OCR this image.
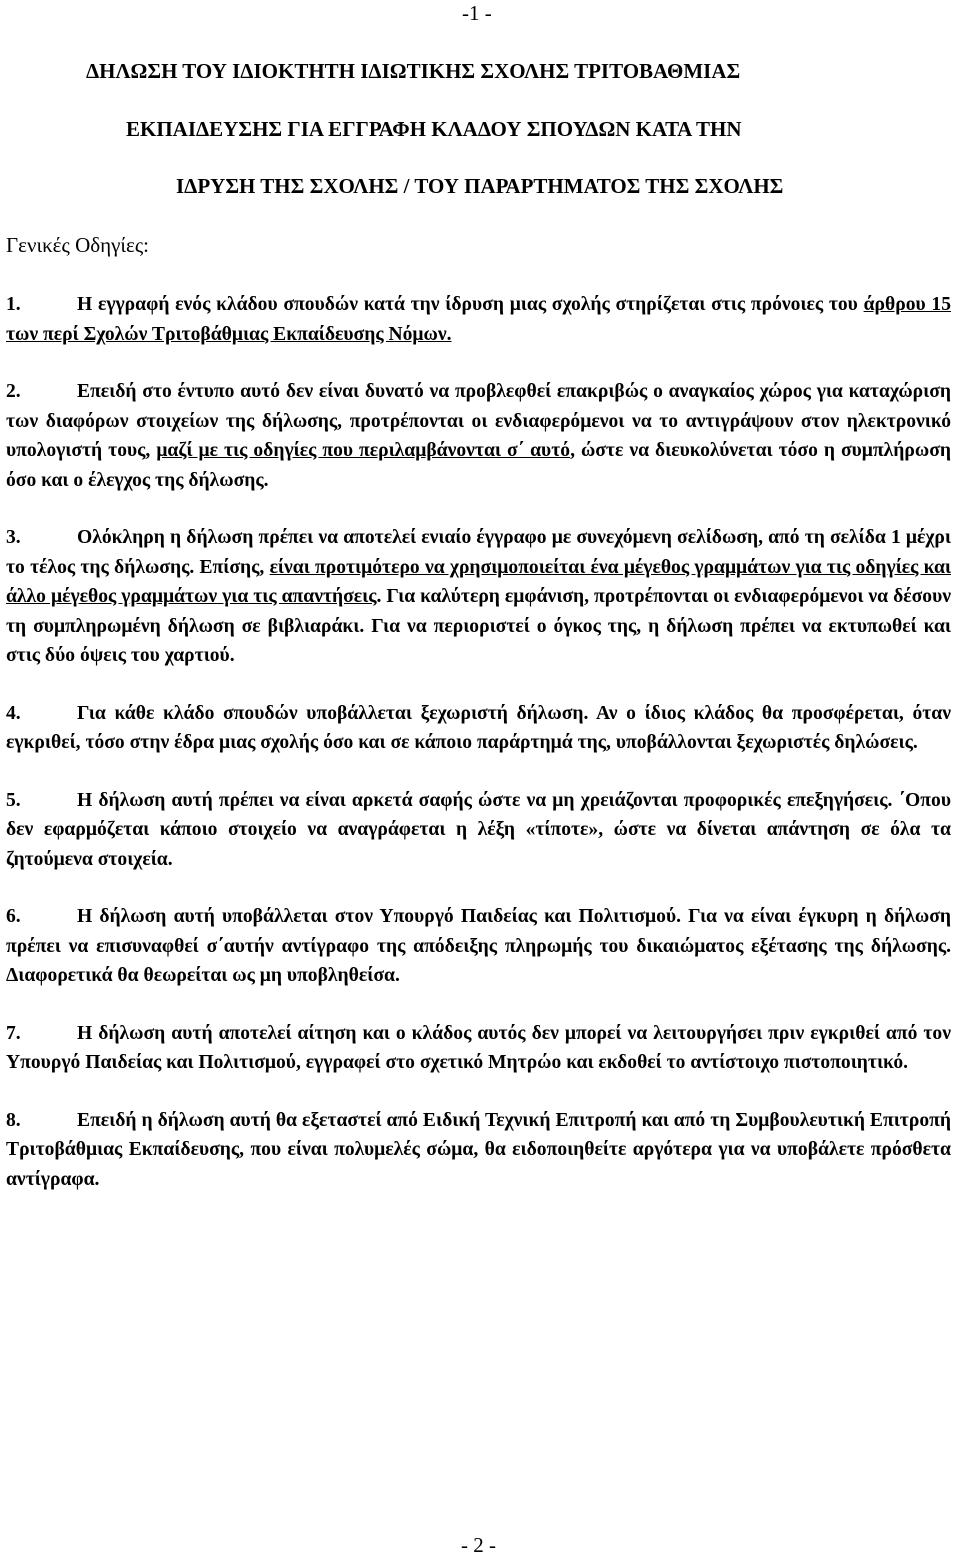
-1 -
ΔΗΛΩΣΗ ΤΟΥ ΙΔΙΟΚΤΗΤΗ ΙΔΙΩΤΙΚΗΣ ΣΧΟΛΗΣ ΤΡΙΤΟΒΑΘΜΙΑΣ
ΕΚΠΑΙΔΕΥΣΗΣ ΓΙΑ ΕΓΓΡΑΦΗ ΚΛΑΔΟΥ ΣΠΟΥΔΩΝ ΚΑΤΑ ΤΗΝ
ΙΔΡΥΣΗ ΤΗΣ ΣΧΟΛΗΣ / ΤΟΥ ΠΑΡΑΡΤΗΜΑΤΟΣ ΤΗΣ ΣΧΟΛΗΣ
Γενικές Οδηγίες:
1.	Η εγγραφή ενός κλάδου σπουδών κατά την ίδρυση μιας σχολής στηρίζεται στις πρόνοιες του άρθρου 15 των περί Σχολών Τριτοβάθμιας Εκπαίδευσης Νόμων.
2.	Επειδή στο έντυπο αυτό δεν είναι δυνατό να προβλεφθεί επακριβώς ο αναγκαίος χώρος για καταχώριση των διαφόρων στοιχείων της δήλωσης, προτρέπονται οι ενδιαφερόμενοι να το αντιγράψουν στον ηλεκτρονικό υπολογιστή τους, μαζί με τις οδηγίες που περιλαμβάνονται σ΄ αυτό, ώστε να διευκολύνεται τόσο η συμπλήρωση όσο και ο έλεγχος της δήλωσης.
3.	Ολόκληρη η δήλωση πρέπει να αποτελεί ενιαίο έγγραφο με συνεχόμενη σελίδωση, από τη σελίδα 1 μέχρι το τέλος της δήλωσης. Επίσης, είναι προτιμότερο να χρησιμοποιείται ένα μέγεθος γραμμάτων για τις οδηγίες και άλλο μέγεθος γραμμάτων για τις απαντήσεις. Για καλύτερη εμφάνιση, προτρέπονται οι ενδιαφερόμενοι να δέσουν τη συμπληρωμένη δήλωση σε βιβλιαράκι. Για να περιοριστεί ο όγκος της, η δήλωση πρέπει να εκτυπωθεί και στις δύο όψεις του χαρτιού.
4.	Για κάθε κλάδο σπουδών υποβάλλεται ξεχωριστή δήλωση. Αν ο ίδιος κλάδος θα προσφέρεται, όταν εγκριθεί, τόσο στην έδρα μιας σχολής όσο και σε κάποιο παράρτημά της, υποβάλλονται ξεχωριστές δηλώσεις.
5.	Η δήλωση αυτή πρέπει να είναι αρκετά σαφής ώστε να μη χρειάζονται προφορικές επεξηγήσεις. ΄Οπου δεν εφαρμόζεται κάποιο στοιχείο να αναγράφεται η λέξη «τίποτε», ώστε να δίνεται απάντηση σε όλα τα ζητούμενα στοιχεία.
6.	Η δήλωση αυτή υποβάλλεται στον Υπουργό Παιδείας και Πολιτισμού. Για να είναι έγκυρη η δήλωση πρέπει να επισυναφθεί σ΄αυτήν αντίγραφο της απόδειξης πληρωμής του δικαιώματος εξέτασης της δήλωσης. Διαφορετικά θα θεωρείται ως μη υποβληθείσα.
7.	Η δήλωση αυτή αποτελεί αίτηση και ο κλάδος αυτός δεν μπορεί να λειτουργήσει πριν εγκριθεί από τον Υπουργό Παιδείας και Πολιτισμού, εγγραφεί στο σχετικό Μητρώο και εκδοθεί το αντίστοιχο πιστοποιητικό.
8.	Επειδή η δήλωση αυτή θα εξεταστεί από Ειδική Τεχνική Επιτροπή και από τη Συμβουλευτική Επιτροπή Τριτοβάθμιας Εκπαίδευσης, που είναι πολυμελές σώμα, θα ειδοποιηθείτε αργότερα για να υποβάλετε πρόσθετα αντίγραφα.
- 2 -
